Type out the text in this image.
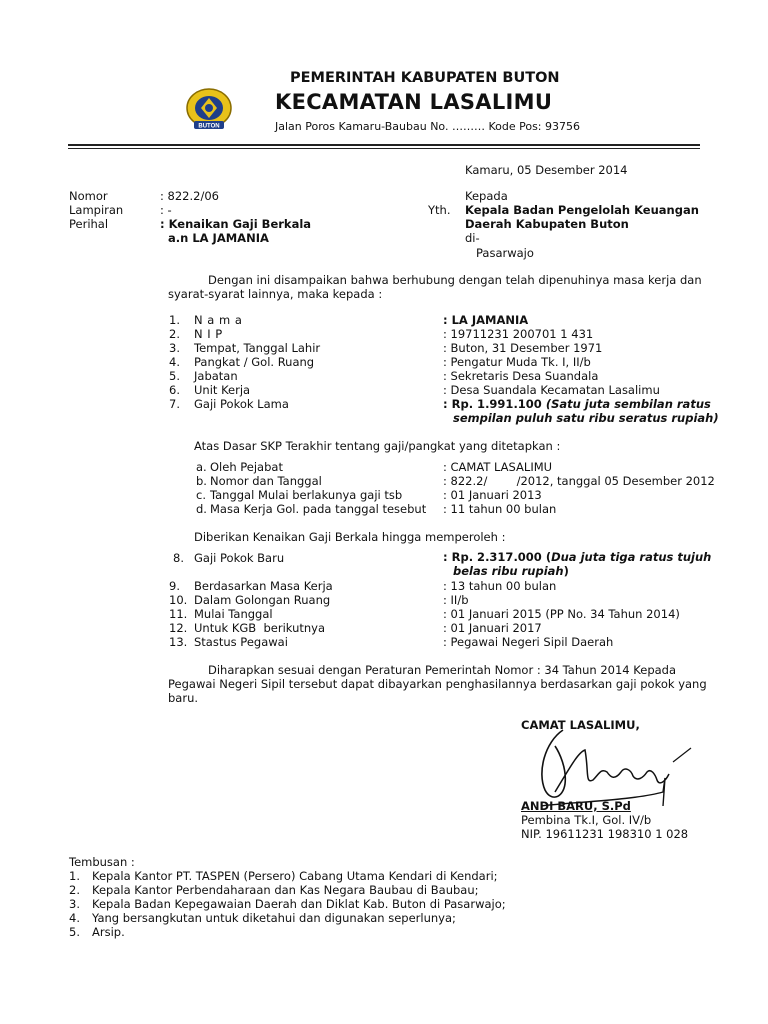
BUTON
PEMERINTAH KABUPATEN BUTON
KECAMATAN LASALIMU
Jalan Poros Kamaru-Baubau No. ……… Kode Pos: 93756
Kamaru, 05 Desember 2014
Nomor	: 822.2/06
Lampiran	: -
Perihal	: Kenaikan Gaji Berkala
a.n LA JAMANIA
Kepada
Yth. Kepala Badan Pengelolah Keuangan
Daerah Kabupaten Buton
di-
Pasarwajo
Dengan ini disampaikan bahwa berhubung dengan telah dipenuhinya masa kerja dan
syarat-syarat lainnya, maka kepada :
1. N a m a	: LA JAMANIA
2. N I P	: 19711231 200701 1 431
3. Tempat, Tanggal Lahir	: Buton, 31 Desember 1971
4. Pangkat / Gol. Ruang	: Pengatur Muda Tk. I, II/b
5. Jabatan	: Sekretaris Desa Suandala
6. Unit Kerja	: Desa Suandala Kecamatan Lasalimu
7. Gaji Pokok Lama	: Rp. 1.991.100 (Satu juta sembilan ratus
sempilan puluh satu ribu seratus rupiah)
Atas Dasar SKP Terakhir tentang gaji/pangkat yang ditetapkan :
a. Oleh Pejabat	: CAMAT LASALIMU
b. Nomor dan Tanggal	: 822.2/        /2012, tanggal 05 Desember 2012
c. Tanggal Mulai berlakunya gaji tsb	: 01 Januari 2013
d. Masa Kerja Gol. pada tanggal tesebut : 11 tahun 00 bulan
Diberikan Kenaikan Gaji Berkala hingga memperoleh :
8. Gaji Pokok Baru	: Rp. 2.317.000 (Dua juta tiga ratus tujuh
belas ribu rupiah)
9. Berdasarkan Masa Kerja	: 13 tahun 00 bulan
10. Dalam Golongan Ruang	: II/b
11. Mulai Tanggal	: 01 Januari 2015 (PP No. 34 Tahun 2014)
12. Untuk KGB  berikutnya	: 01 Januari 2017
13. Stastus Pegawai	: Pegawai Negeri Sipil Daerah
Diharapkan sesuai dengan Peraturan Pemerintah Nomor : 34 Tahun 2014 Kepada
Pegawai Negeri Sipil tersebut dapat dibayarkan penghasilannya berdasarkan gaji pokok yang
baru.
CAMAT LASALIMU,
ANDI BARU, S.Pd
Pembina Tk.I, Gol. IV/b
NIP. 19611231 198310 1 028
Tembusan :
1. Kepala Kantor PT. TASPEN (Persero) Cabang Utama Kendari di Kendari;
2. Kepala Kantor Perbendaharaan dan Kas Negara Baubau di Baubau;
3. Kepala Badan Kepegawaian Daerah dan Diklat Kab. Buton di Pasarwajo;
4. Yang bersangkutan untuk diketahui dan digunakan seperlunya;
5. Arsip.
